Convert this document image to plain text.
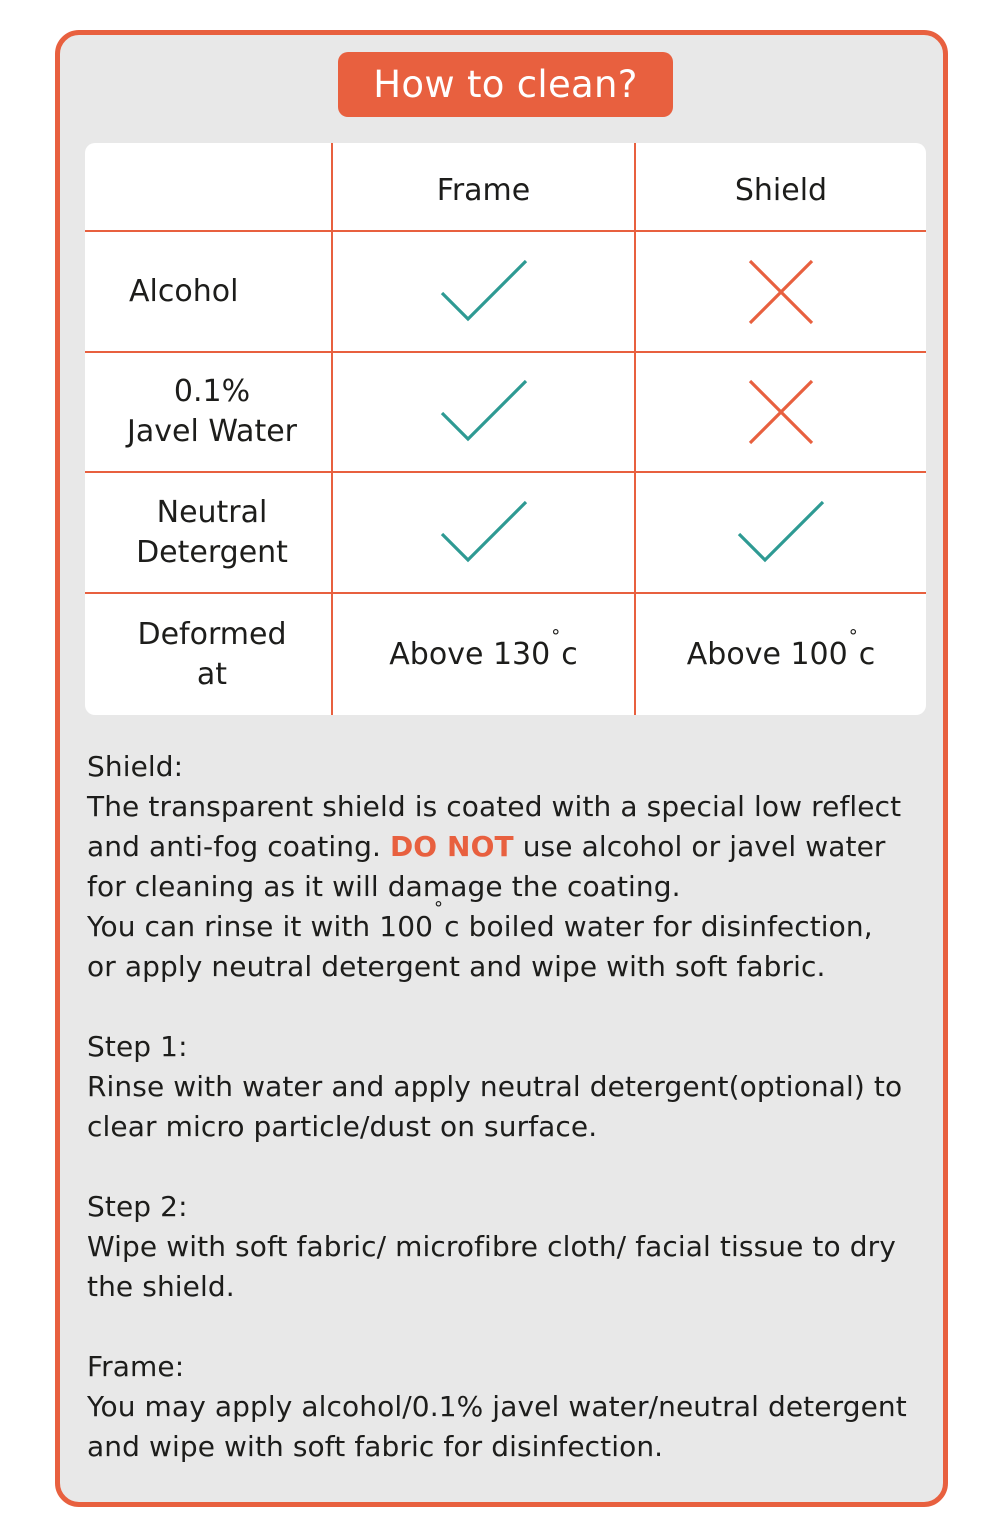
How to clean?
Frame	Shield
Alcohol
0.1%
Javel Water
Neutral
Detergent
Deformed
at
Above 130°c	Above 100°c

Shield:

The transparent shield is coated with a special low reflect

and anti-fog coating. DO NOT use alcohol or javel water

for cleaning as it will damage the coating.

You can rinse it with 100°c boiled water for disinfection,

or apply neutral detergent and wipe with soft fabric.

Step 1:

Rinse with water and apply neutral detergent(optional) to

clear micro particle/dust on surface.

Step 2:

Wipe with soft fabric/ microfibre cloth/ facial tissue to dry

the shield.

Frame:

You may apply alcohol/0.1% javel water/neutral detergent

and wipe with soft fabric for disinfection.
